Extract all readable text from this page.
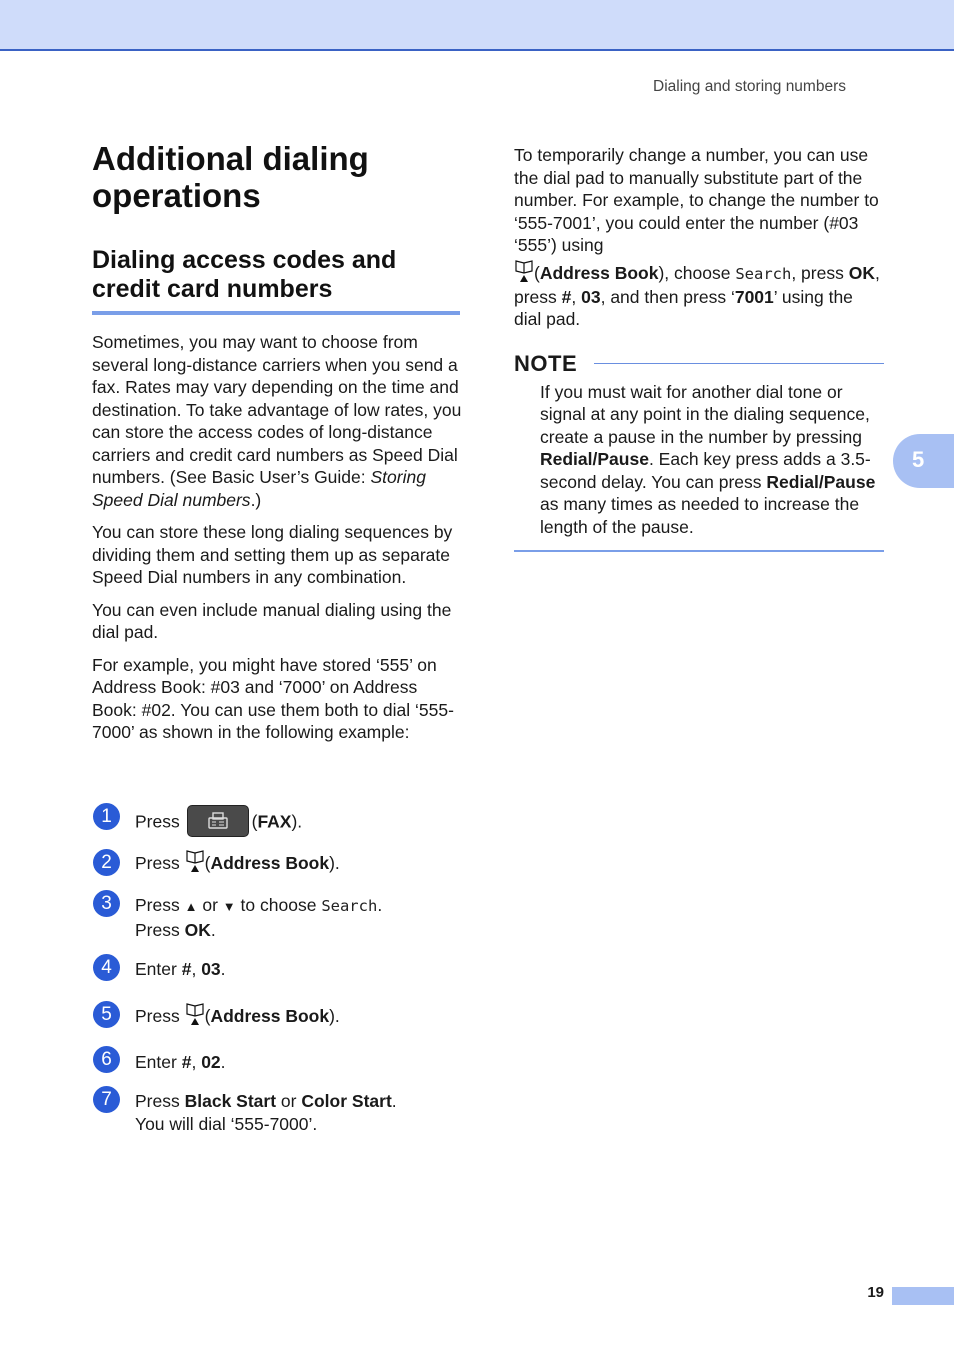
Dialing and storing numbers
5
Additional dialing operations
Dialing access codes and credit card numbers

Sometimes, you may want to choose from several long-distance carriers when you send a fax. Rates may vary depending on the time and destination. To take advantage of low rates, you can store the access codes of long-distance carriers and credit card numbers as Speed Dial numbers. (See Basic User’s Guide: Storing Speed Dial numbers.)

You can store these long dialing sequences by dividing them and setting them up as separate Speed Dial numbers in any combination.

You can even include manual dialing using the dial pad.

For example, you might have stored ‘555’ on Address Book: #03 and ‘7000’ on Address Book: #02. You can use them both to dial ‘555-7000’ as shown in the following example:

1	Press	(FAX).
2	Press (Address Book).
3	Press ▲ or ▼ to choose Search.
Press OK.
4	Enter #, 03.
5	Press (Address Book).
6	Enter #, 02.
7	Press Black Start or Color Start.
You will dial ‘555-7000’.

To temporarily change a number, you can use the dial pad to manually substitute part of the number. For example, to change the number to ‘555-7001’, you could enter the number (#03 ‘555’) using

(Address Book), choose Search, press OK, press #, 03, and then press ‘7001’ using the dial pad.

NOTE

If you must wait for another dial tone or signal at any point in the dialing sequence, create a pause in the number by pressing Redial/Pause. Each key press adds a 3.5-second delay. You can press Redial/Pause as many times as needed to increase the length of the pause.

19
